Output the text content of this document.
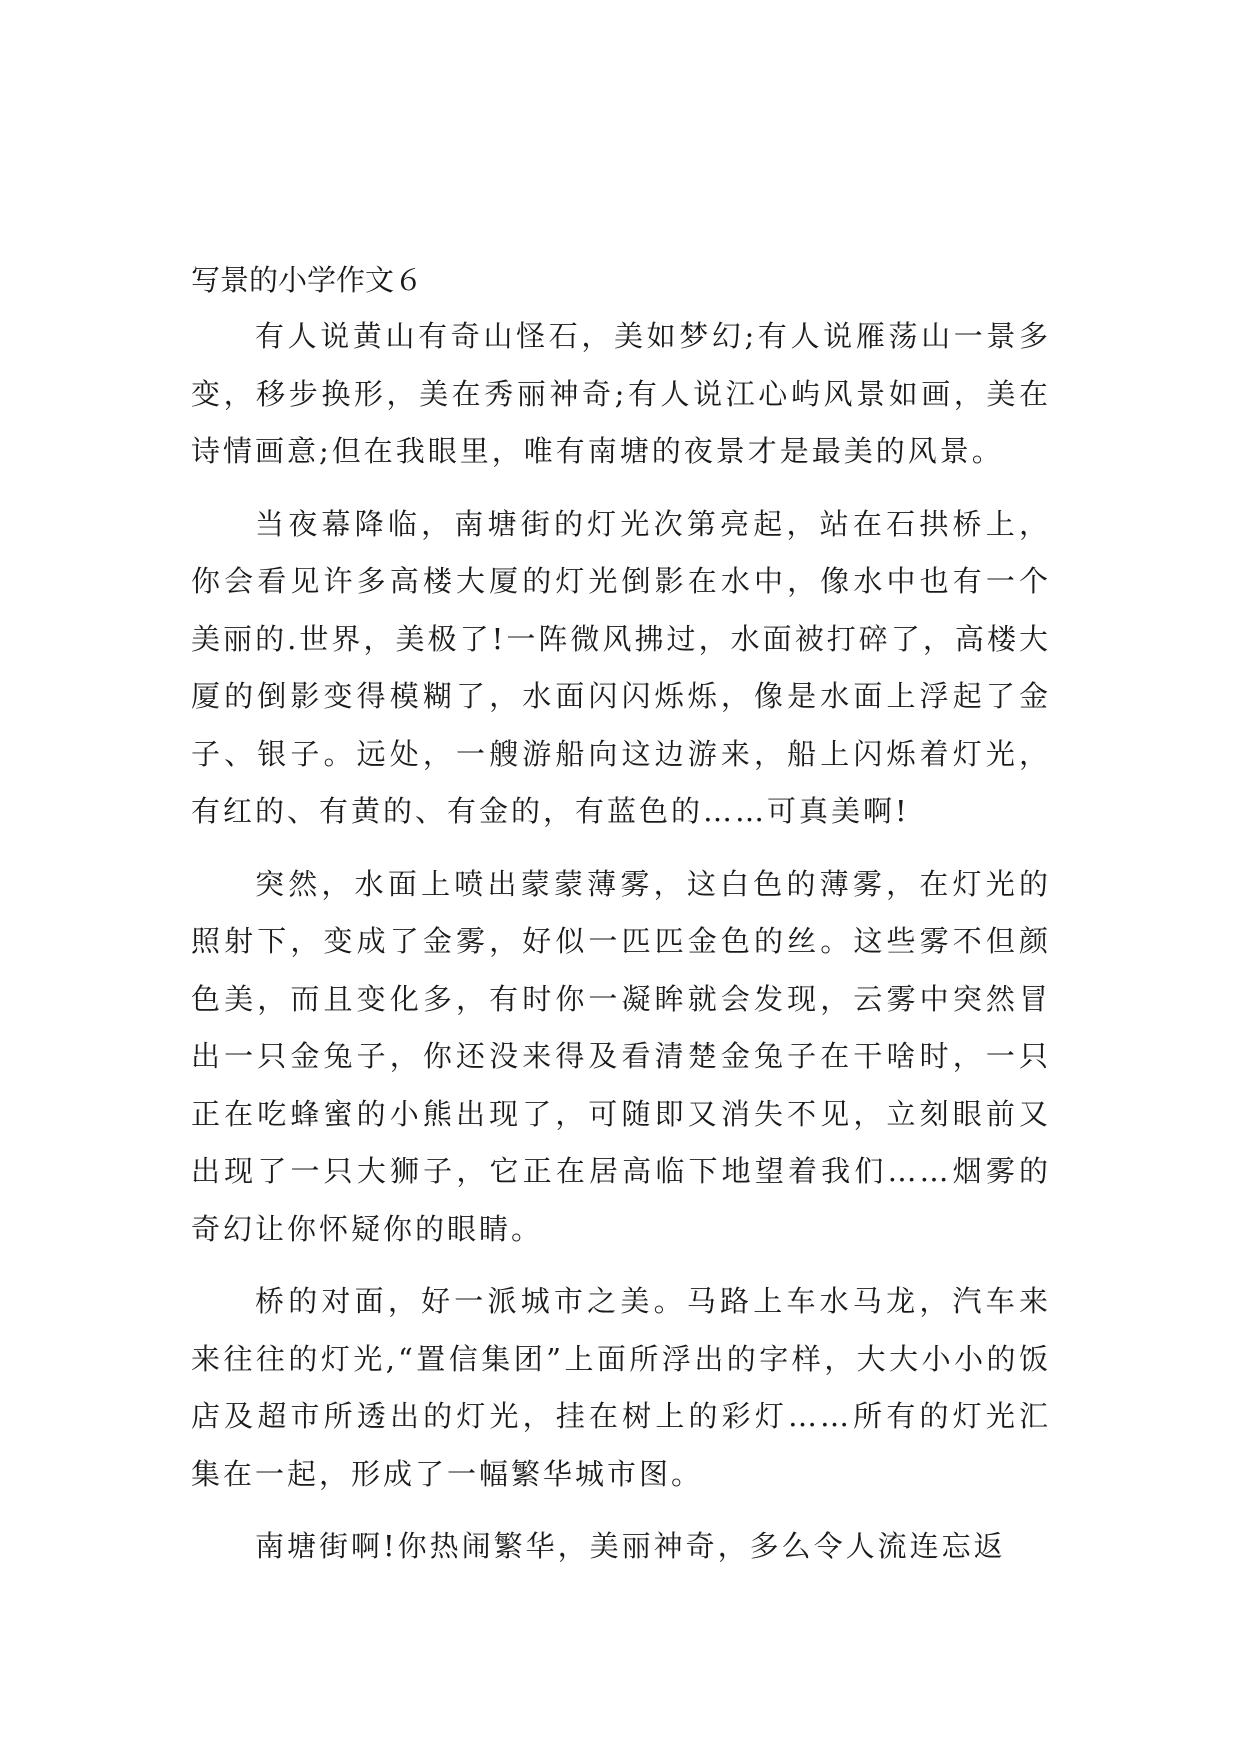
写景的小学作文６

有人说黄山有奇山怪石，美如梦幻;有人说雁荡山一景多变，移步换形，美在秀丽神奇;有人说江心屿风景如画，美在诗情画意;但在我眼里，唯有南塘的夜景才是最美的风景。

当夜幕降临，南塘街的灯光次第亮起，站在石拱桥上，你会看见许多高楼大厦的灯光倒影在水中，像水中也有一个美丽的.世界，美极了!一阵微风拂过，水面被打碎了，高楼大厦的倒影变得模糊了，水面闪闪烁烁，像是水面上浮起了金子、银子。远处，一艘游船向这边游来，船上闪烁着灯光，有红的、有黄的、有金的，有蓝色的……可真美啊!

突然，水面上喷出蒙蒙薄雾，这白色的薄雾，在灯光的照射下，变成了金雾，好似一匹匹金色的丝。这些雾不但颜色美，而且变化多，有时你一凝眸就会发现，云雾中突然冒出一只金兔子，你还没来得及看清楚金兔子在干啥时，一只正在吃蜂蜜的小熊出现了，可随即又消失不见，立刻眼前又出现了一只大狮子，它正在居高临下地望着我们……烟雾的奇幻让你怀疑你的眼睛。

桥的对面，好一派城市之美。马路上车水马龙，汽车来来往往的灯光,“置信集团”上面所浮出的字样，大大小小的饭店及超市所透出的灯光，挂在树上的彩灯……所有的灯光汇集在一起，形成了一幅繁华城市图。

南塘街啊!你热闹繁华，美丽神奇，多么令人流连忘返
